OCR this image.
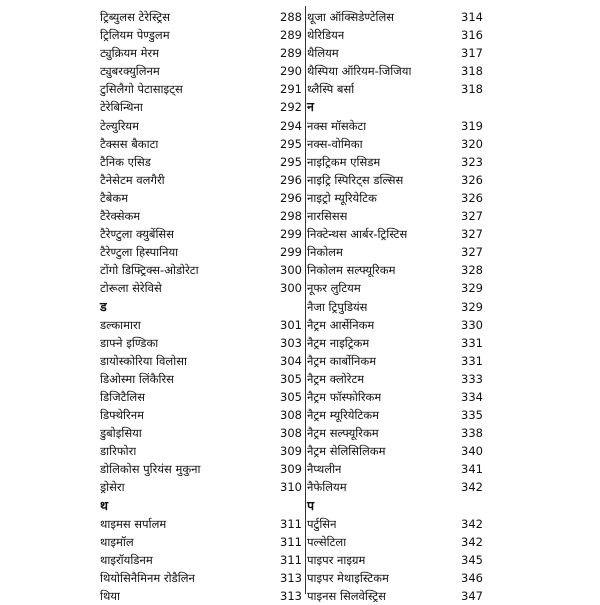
ट्रिब्युलस टेरेस्ट्रिस	288
ट्रिलियम पेण्डुलम	289
ट्युक्रियम मेरम	289
ट्युबरक्युलिनम	290
टुसिलैगो पेटासाइट्स	291
टेरेबिन्थिना	292
टेल्युरियम	294
टैक्सस बैकाटा	295
टैनिक एसिड	295
टैनेसेटम वलगैरी	296
टैबेकम	296
टैरेक्सेकम	298
टैरेण्टुला क्युबेंसिस	299
टैरेण्टुला हिस्पानिया	299
टोंगो डिफ्ट्रिक्स-ओडोरेटा	300
टोरूला सेरेविसे	300
ड
डल्कामारा	301
डाफ्ने इण्डिका	303
डायोस्कोरिया विलोसा	304
डिओस्मा लिंकैरिस	305
डिजिटैलिस	305
डिफ्थेरिनम	308
डुबोइसिया	308
डारिफोरा	309
डोलिकोस पुरियंस मुकुना	309
ड्रोसेरा	310
थ
थाइमस सर्पालम	311
थाइमॉल	311
थाइरॉयडिनम	311
थियोसिनैमिनम रोडैलिन	313
थिया	313
थूजा ऑक्सिडेण्टेलिस	314
थेरिडियन	316
थैलियम	317
थैस्पिया ऑरियम-जिजिया	318
थ्लैस्पि बर्सा	318
न
नक्स मॉसकेटा	319
नक्स-वोमिका	320
नाइट्रिकम एसिडम	323
नाइट्रि स्पिरिट्स डल्सिस	326
नाइट्रो म्यूरियेटिक	326
नारसिसस	327
निक्टेन्थस आर्बर-ट्रिस्टिस	327
निकोलम	327
निकोलम सल्फ्यूरिकम	328
नूफर लुटियम	329
नैजा ट्रिपुडियंस	329
नैट्रम आर्सेनिकम	330
नैट्रम नाइट्रिकम	331
नैट्रम कार्बोनिकम	331
नैट्रम क्लोरेटम	333
नैट्रम फॉस्फोरिकम	334
नैट्रम म्यूरियेटिकम	335
नैट्रम सल्फ्यूरिकम	338
नैट्रम सेलिसिलिकम	340
नैप्थलीन	341
नैफेलियम	342
प
पर्टुसिन	342
पल्सेटिला	342
पाइपर नाइग्रम	345
पाइपर मेथाइस्टिकम	346
पाइनस सिलवेस्ट्रिस	347
